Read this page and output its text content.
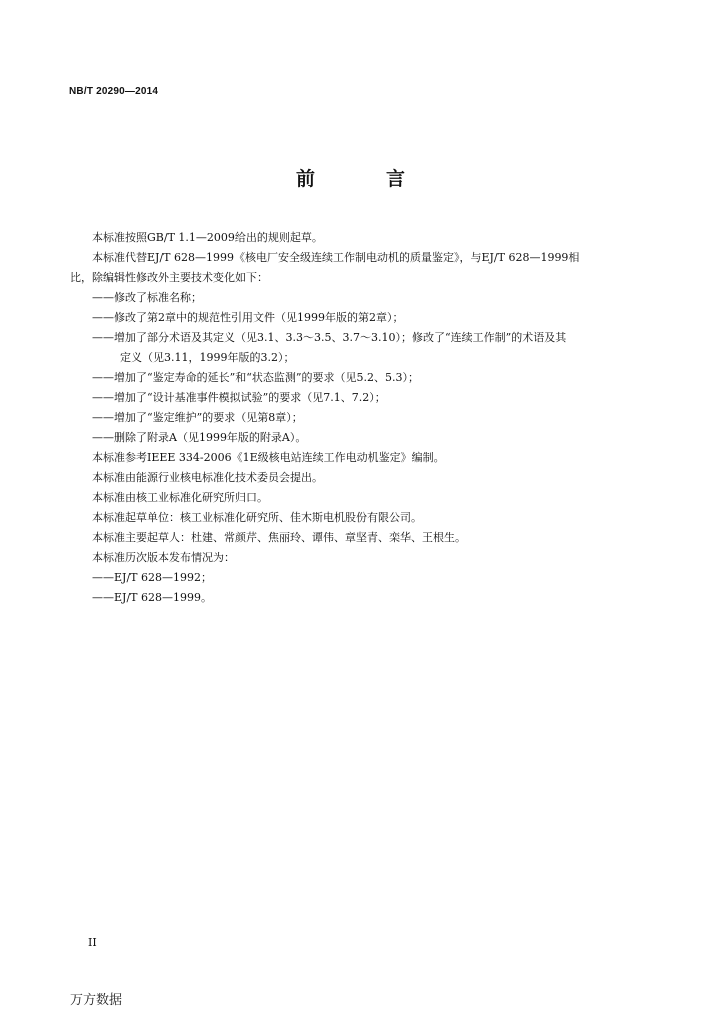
NB/T 20290—2014
前　言

本标准按照GB/T 1.1—2009给出的规则起草。

本标准代替EJ/T 628—1999《核电厂安全级连续工作制电动机的质量鉴定》，与EJ/T 628—1999相

比，除编辑性修改外主要技术变化如下：

——修改了标准名称；

——修改了第2章中的规范性引用文件（见1999年版的第2章）；

——增加了部分术语及其定义（见3.1、3.3～3.5、3.7～3.10）；修改了“连续工作制”的术语及其

定义（见3.11，1999年版的3.2）；

——增加了“鉴定寿命的延长”和“状态监测”的要求（见5.2、5.3）；

——增加了“设计基准事件模拟试验”的要求（见7.1、7.2）；

——增加了“鉴定维护”的要求（见第8章）；

——删除了附录A（见1999年版的附录A）。

本标准参考IEEE 334-2006《1E级核电站连续工作电动机鉴定》编制。

本标准由能源行业核电标准化技术委员会提出。

本标准由核工业标准化研究所归口。

本标准起草单位：核工业标准化研究所、佳木斯电机股份有限公司。

本标准主要起草人：杜建、常颜芹、焦丽玲、谭伟、章坚青、栾华、王根生。

本标准历次版本发布情况为：

——EJ/T 628—1992；

——EJ/T 628—1999。

II
万方数据
